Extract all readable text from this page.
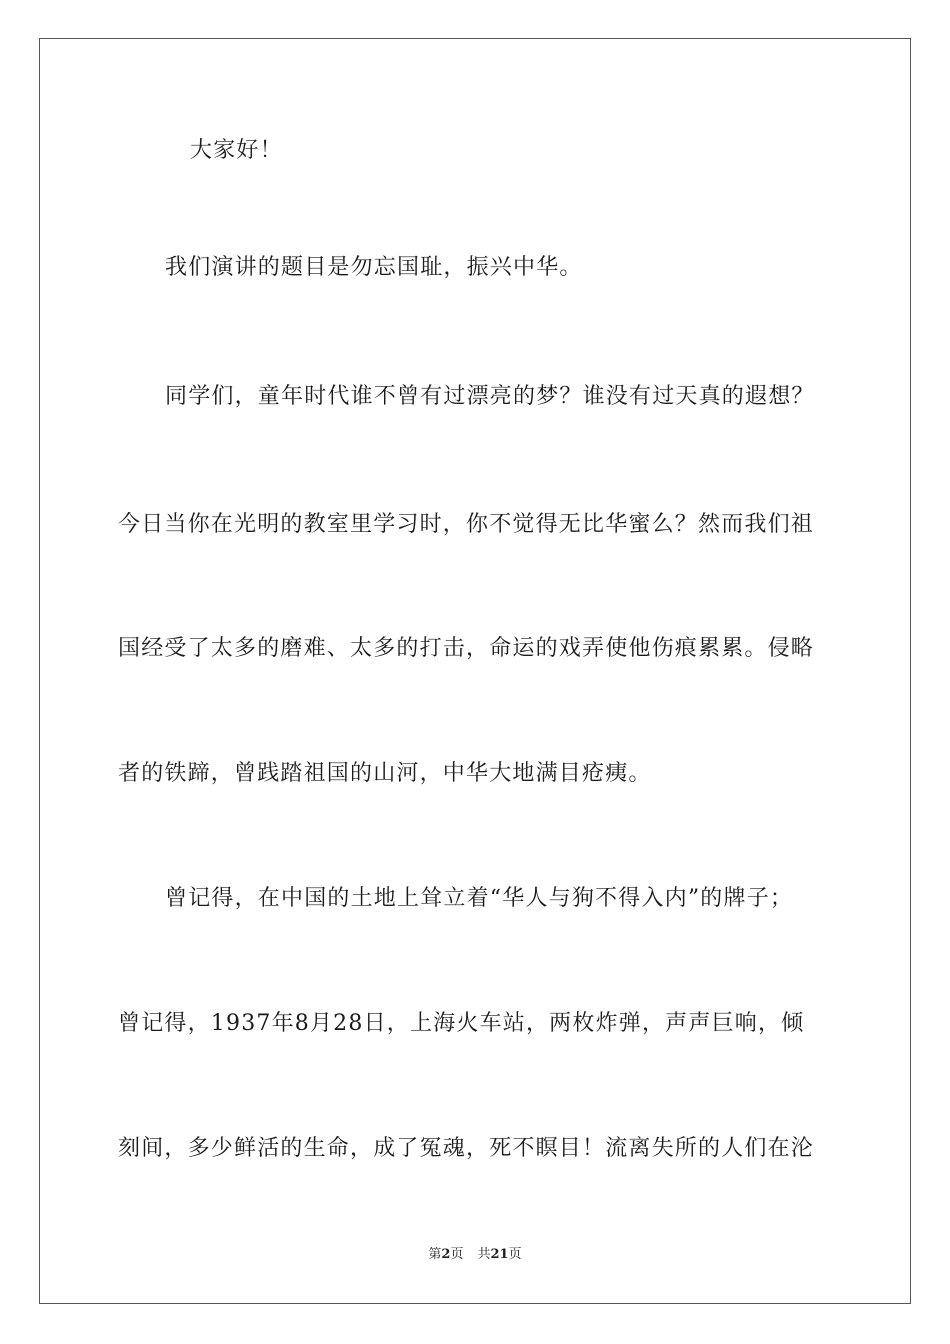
大家好！
我们演讲的题目是勿忘国耻，振兴中华。
同学们，童年时代谁不曾有过漂亮的梦？谁没有过天真的遐想？
今日当你在光明的教室里学习时，你不觉得无比华蜜么？然而我们祖
国经受了太多的磨难、太多的打击，命运的戏弄使他伤痕累累。侵略
者的铁蹄，曾践踏祖国的山河，中华大地满目疮痍。
曾记得，在中国的土地上耸立着“华人与狗不得入内”的牌子；
曾记得，1937年8月28日，上海火车站，两枚炸弹，声声巨响，倾
刻间，多少鲜活的生命，成了冤魂，死不瞑目！流离失所的人们在沦
第2页 共21页
